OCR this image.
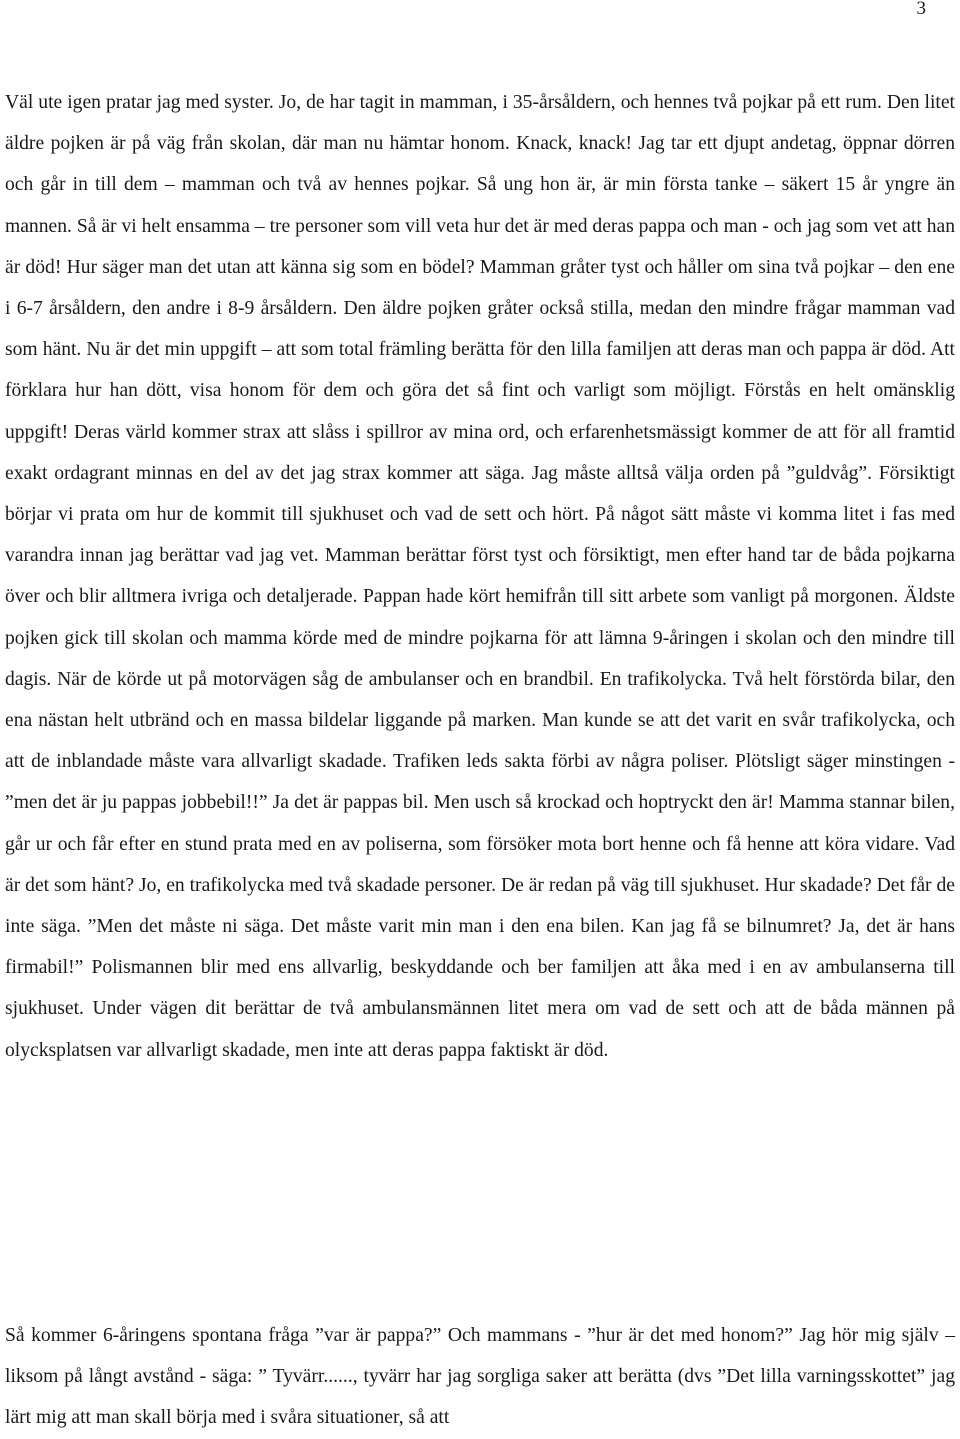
3

Väl ute igen pratar jag med syster. Jo, de har tagit in mamman, i 35-årsåldern, och hennes två pojkar på ett rum. Den litet äldre pojken är på väg från skolan, där man nu hämtar honom. Knack, knack! Jag tar ett djupt andetag, öppnar dörren och går in till dem – mamman och två av hennes pojkar. Så ung hon är, är min första tanke – säkert 15 år yngre än mannen. Så är vi helt ensamma – tre personer som vill veta hur det är med deras pappa och man - och jag som vet att han är död! Hur säger man det utan att känna sig som en bödel? Mamman gråter tyst och håller om sina två pojkar – den ene i 6-7 årsåldern, den andre i 8-9 årsåldern. Den äldre pojken gråter också stilla, medan den mindre frågar mamman vad som hänt. Nu är det min uppgift – att som total främling berätta för den lilla familjen att deras man och pappa är död. Att förklara hur han dött, visa honom för dem och göra det så fint och varligt som möjligt. Förstås en helt omänsklig uppgift! Deras värld kommer strax att slåss i spillror av mina ord, och erfarenhetsmässigt kommer de att för all framtid exakt ordagrant minnas en del av det jag strax kommer att säga. Jag måste alltså välja orden på ”guldvåg”. Försiktigt börjar vi prata om hur de kommit till sjukhuset och vad de sett och hört. På något sätt måste vi komma litet i fas med varandra innan jag berättar vad jag vet. Mamman berättar först tyst och försiktigt, men efter hand tar de båda pojkarna över och blir alltmera ivriga och detaljerade. Pappan hade kört hemifrån till sitt arbete som vanligt på morgonen. Äldste pojken gick till skolan och mamma körde med de mindre pojkarna för att lämna 9-åringen i skolan och den mindre till dagis. När de körde ut på motorvägen såg de ambulanser och en brandbil. En trafikolycka. Två helt förstörda bilar, den ena nästan helt utbränd och en massa bildelar liggande på marken. Man kunde se att det varit en svår trafikolycka, och att de inblandade måste vara allvarligt skadade. Trafiken leds sakta förbi av några poliser. Plötsligt säger minstingen - ”men det är ju pappas jobbebil!!” Ja det är pappas bil. Men usch så krockad och hoptryckt den är! Mamma stannar bilen, går ur och får efter en stund prata med en av poliserna, som försöker mota bort henne och få henne att köra vidare. Vad är det som hänt? Jo, en trafikolycka med två skadade personer. De är redan på väg till sjukhuset. Hur skadade? Det får de inte säga. ”Men det måste ni säga. Det måste varit min man i den ena bilen. Kan jag få se bilnumret? Ja, det är hans firmabil!” Polismannen blir med ens allvarlig, beskyddande och ber familjen att åka med i en av ambulanserna till sjukhuset. Under vägen dit berättar de två ambulansmännen litet mera om vad de sett och att de båda männen på olycksplatsen var allvarligt skadade, men inte att deras pappa faktiskt är död.

Så kommer 6-åringens spontana fråga ”var är pappa?” Och mammans - ”hur är det med honom?” Jag hör mig själv – liksom på långt avstånd - säga: ” Tyvärr......, tyvärr har jag sorgliga saker att berätta (dvs ”Det lilla varningsskottet” jag lärt mig att man skall börja med i svåra situationer, så att
